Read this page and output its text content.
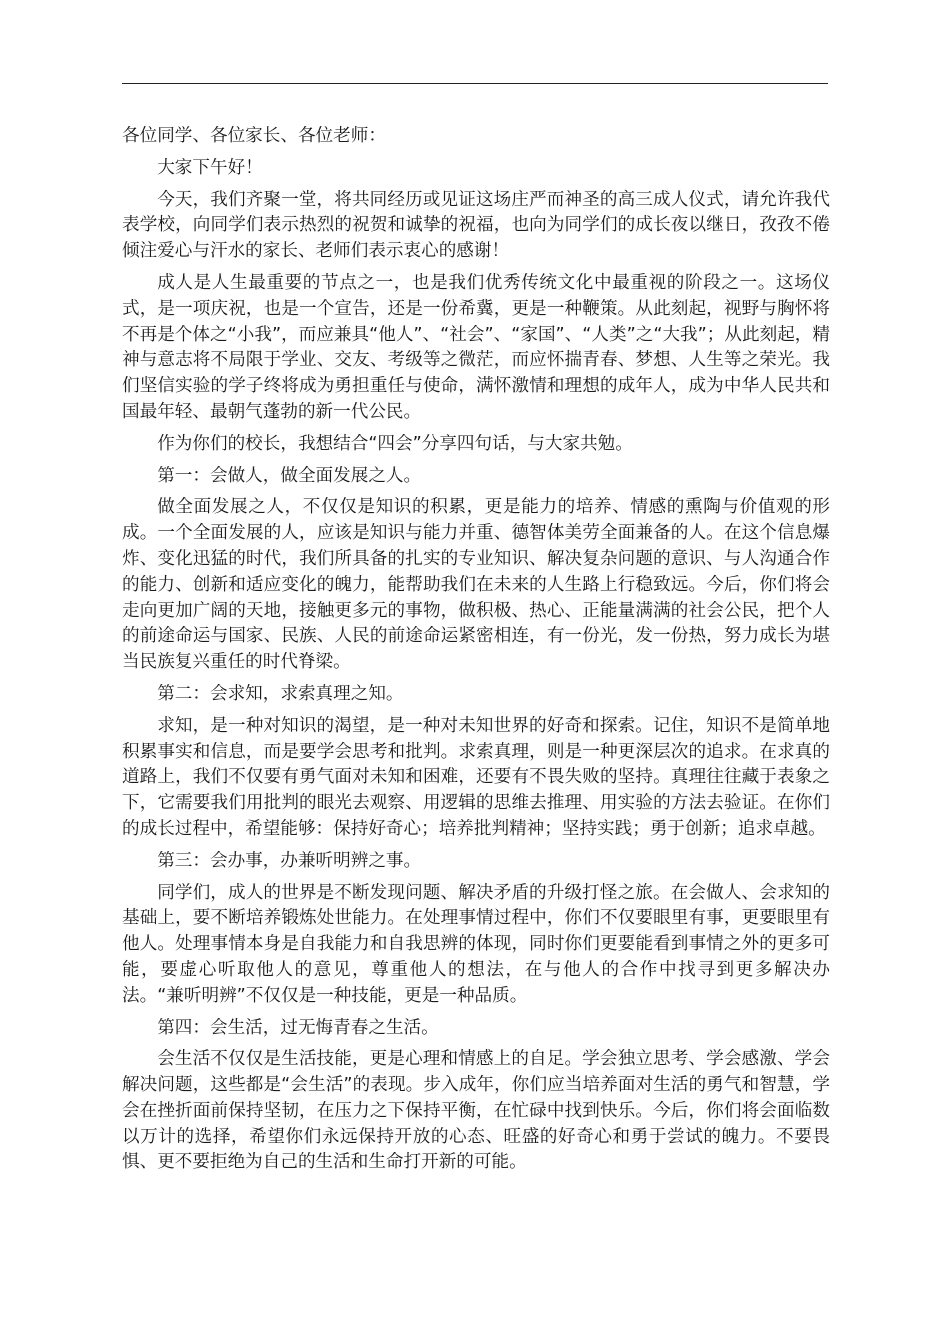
各位同学、各位家长、各位老师：

大家下午好！

今天，我们齐聚一堂，将共同经历或见证这场庄严而神圣的高三成人仪式，请允许我代表学校，向同学们表示热烈的祝贺和诚挚的祝福，也向为同学们的成长夜以继日，孜孜不倦倾注爱心与汗水的家长、老师们表示衷心的感谢！

成人是人生最重要的节点之一，也是我们优秀传统文化中最重视的阶段之一。这场仪式，是一项庆祝，也是一个宣告，还是一份希冀，更是一种鞭策。从此刻起，视野与胸怀将不再是个体之“小我”，而应兼具“他人”、“社会”、“家国”、“人类”之“大我”；从此刻起，精神与意志将不局限于学业、交友、考级等之微茫，而应怀揣青春、梦想、人生等之荣光。我们坚信实验的学子终将成为勇担重任与使命，满怀激情和理想的成年人，成为中华人民共和国最年轻、最朝气蓬勃的新一代公民。

作为你们的校长，我想结合“四会”分享四句话，与大家共勉。

第一：会做人，做全面发展之人。

做全面发展之人，不仅仅是知识的积累，更是能力的培养、情感的熏陶与价值观的形成。一个全面发展的人，应该是知识与能力并重、德智体美劳全面兼备的人。在这个信息爆炸、变化迅猛的时代，我们所具备的扎实的专业知识、解决复杂问题的意识、与人沟通合作的能力、创新和适应变化的魄力，能帮助我们在未来的人生路上行稳致远。今后，你们将会走向更加广阔的天地，接触更多元的事物，做积极、热心、正能量满满的社会公民，把个人的前途命运与国家、民族、人民的前途命运紧密相连，有一份光，发一份热，努力成长为堪当民族复兴重任的时代脊梁。

第二：会求知，求索真理之知。

求知，是一种对知识的渴望，是一种对未知世界的好奇和探索。记住，知识不是简单地积累事实和信息，而是要学会思考和批判。求索真理，则是一种更深层次的追求。在求真的道路上，我们不仅要有勇气面对未知和困难，还要有不畏失败的坚持。真理往往藏于表象之下，它需要我们用批判的眼光去观察、用逻辑的思维去推理、用实验的方法去验证。在你们的成长过程中，希望能够：保持好奇心；培养批判精神；坚持实践；勇于创新；追求卓越。

第三：会办事，办兼听明辨之事。

同学们，成人的世界是不断发现问题、解决矛盾的升级打怪之旅。在会做人、会求知的基础上，要不断培养锻炼处世能力。在处理事情过程中，你们不仅要眼里有事，更要眼里有他人。处理事情本身是自我能力和自我思辨的体现，同时你们更要能看到事情之外的更多可能，要虚心听取他人的意见，尊重他人的想法，在与他人的合作中找寻到更多解决办法。“兼听明辨”不仅仅是一种技能，更是一种品质。

第四：会生活，过无悔青春之生活。

会生活不仅仅是生活技能，更是心理和情感上的自足。学会独立思考、学会感激、学会解决问题，这些都是“会生活”的表现。步入成年，你们应当培养面对生活的勇气和智慧，学会在挫折面前保持坚韧，在压力之下保持平衡，在忙碌中找到快乐。今后，你们将会面临数以万计的选择，希望你们永远保持开放的心态、旺盛的好奇心和勇于尝试的魄力。不要畏惧、更不要拒绝为自己的生活和生命打开新的可能。
